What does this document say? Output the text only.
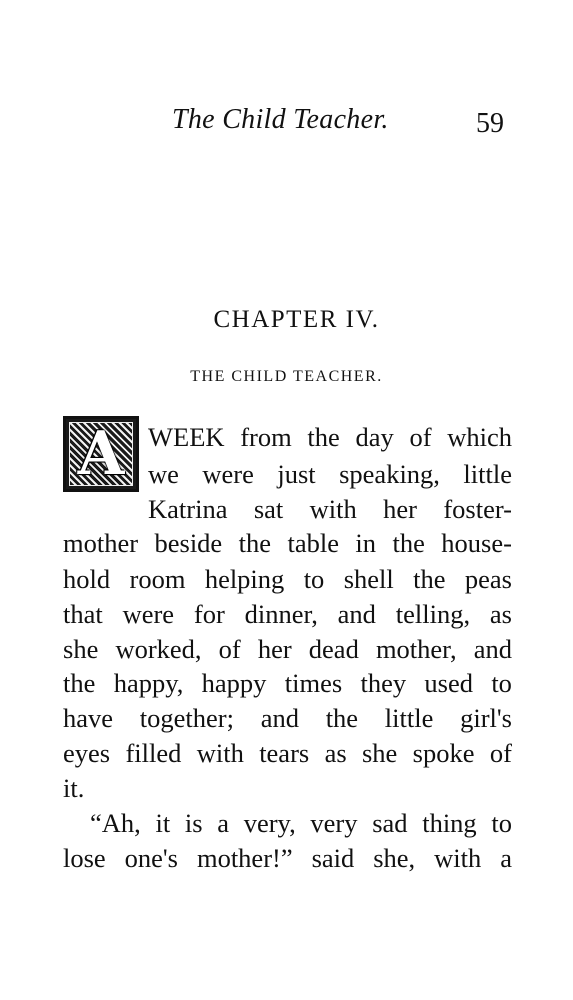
The Child Teacher.	59
CHAPTER IV.
THE CHILD TEACHER.
A WEEK from the day of which
we were just speaking, little
Katrina sat with her foster-
mother beside the table in the house-
hold room helping to shell the peas
that were for dinner, and telling, as
she worked, of her dead mother, and
the happy, happy times they used to
have together; and the little girl's
eyes filled with tears as she spoke of
it.
“Ah, it is a very, very sad thing to
lose one's mother!” said she, with a
